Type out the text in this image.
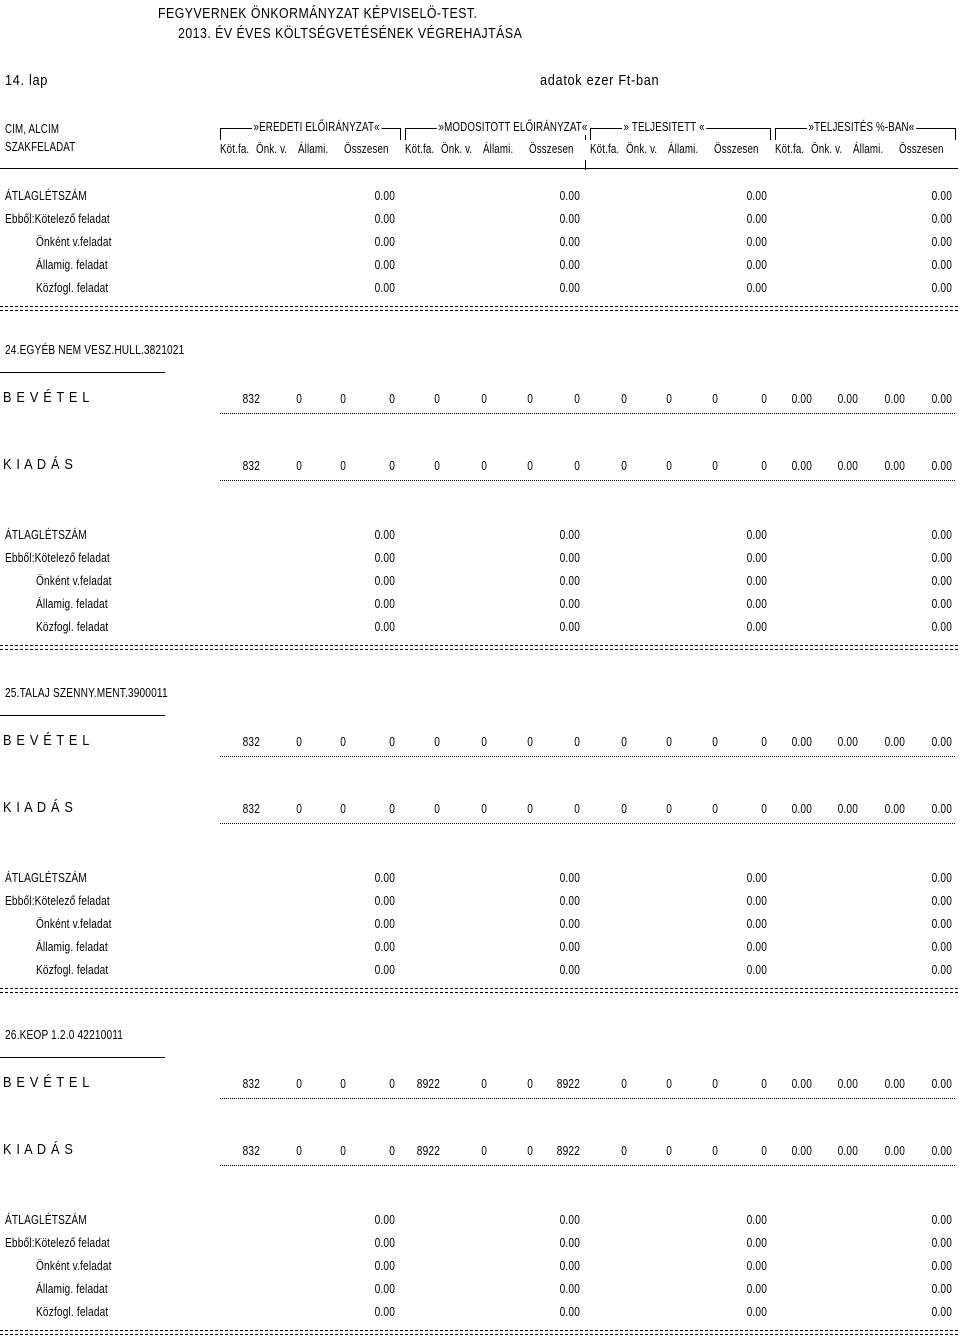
FEGYVERNEK ÖNKORMÁNYZAT KÉPVISELÖ-TEST.
2013. ÉV ÉVES KÖLTSÉGVETÉSÉNEK VÉGREHAJTÁSA
14. lap	adatok ezer Ft-ban
CIM, ALCIM
SZAKFELADAT
»EREDETI ELŐIRÁNYZAT«
Köt.fa. Önk. v. Állami. Összesen
»MODOSITOTT ELŐIRÁNYZAT«
Köt.fa. Önk. v. Állami. Összesen
» TELJESITETT «
Köt.fa. Önk. v. Állami. Összesen
»TELJESITÉS %-BAN«
Köt.fa. Önk. v. Állami. Összesen
ÁTLAGLÉTSZÁM	0.00	0.00	0.00	0.00
Ebből:Kötelező feladat	0.00	0.00	0.00	0.00
Önként v.feladat	0.00	0.00	0.00	0.00
Államig. feladat	0.00	0.00	0.00	0.00
Közfogl. feladat	0.00	0.00	0.00	0.00
24.EGYÉB NEM VESZ.HULL.3821021
B E V É T E L	832	0	0	0	0	0	0	0	0	0	0	0	0.00	0.00	0.00	0.00
K I A D Á S	832	0	0	0	0	0	0	0	0	0	0	0	0.00	0.00	0.00	0.00
ÁTLAGLÉTSZÁM	0.00	0.00	0.00	0.00
Ebből:Kötelező feladat	0.00	0.00	0.00	0.00
Önként v.feladat	0.00	0.00	0.00	0.00
Államig. feladat	0.00	0.00	0.00	0.00
Közfogl. feladat	0.00	0.00	0.00	0.00
25.TALAJ SZENNY.MENT.3900011
B E V É T E L	832	0	0	0	0	0	0	0	0	0	0	0	0.00	0.00	0.00	0.00
K I A D Á S	832	0	0	0	0	0	0	0	0	0	0	0	0.00	0.00	0.00	0.00
ÁTLAGLÉTSZÁM	0.00	0.00	0.00	0.00
Ebből:Kötelező feladat	0.00	0.00	0.00	0.00
Önként v.feladat	0.00	0.00	0.00	0.00
Államig. feladat	0.00	0.00	0.00	0.00
Közfogl. feladat	0.00	0.00	0.00	0.00
26.KEOP 1.2.0 42210011
B E V É T E L	832	0	0	0	8922	0	0	8922	0	0	0	0	0.00	0.00	0.00	0.00
K I A D Á S	832	0	0	0	8922	0	0	8922	0	0	0	0	0.00	0.00	0.00	0.00
ÁTLAGLÉTSZÁM	0.00	0.00	0.00	0.00
Ebből:Kötelező feladat	0.00	0.00	0.00	0.00
Önként v.feladat	0.00	0.00	0.00	0.00
Államig. feladat	0.00	0.00	0.00	0.00
Közfogl. feladat	0.00	0.00	0.00	0.00
